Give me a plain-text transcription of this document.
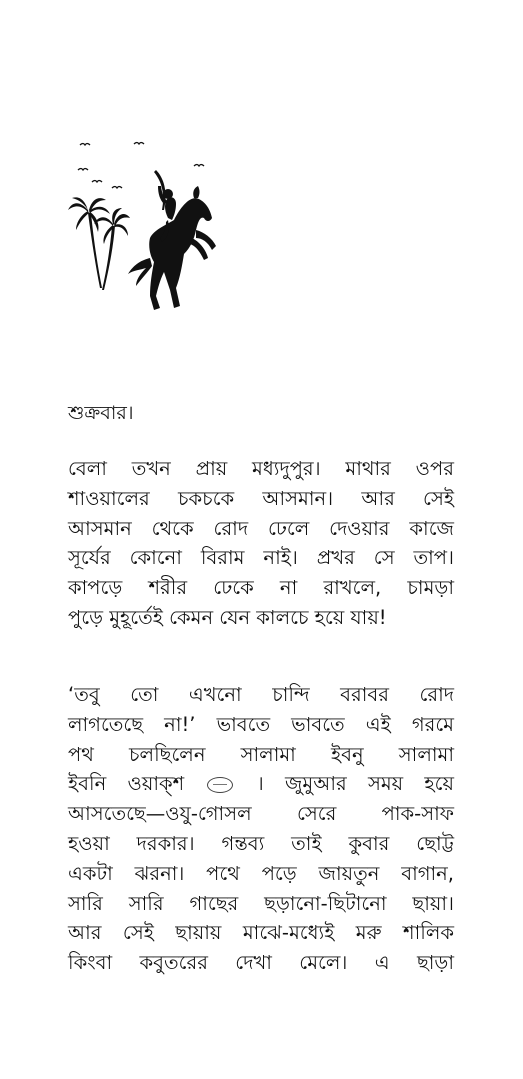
শুক্রবার।

বেলা তখন প্রায় মধ্যদুপুর। মাথার ওপর
শাওয়ালের চকচকে আসমান। আর সেই
আসমান থেকে রোদ ঢেলে দেওয়ার কাজে
সূর্যের কোনো বিরাম নাই। প্রখর সে তাপ।
কাপড়ে শরীর ঢেকে না রাখলে, চামড়া
পুড়ে মুহূর্তেই কেমন যেন কালচে হয়ে যায়!
‘তবু তো এখনো চান্দি বরাবর রোদ
লাগতেছে না!’ ভাবতে ভাবতে এই গরমে
পথ চলছিলেন সালামা ইবনু সালামা
ইবনি ওয়াক্‌শ	। জুমুআর সময় হয়ে
আসতেছে—ওযু-গোসল সেরে পাক-সাফ
হওয়া দরকার। গন্তব্য তাই কুবার ছোট্ট
একটা ঝরনা। পথে পড়ে জায়তুন বাগান,
সারি সারি গাছের ছড়ানো-ছিটানো ছায়া।
আর সেই ছায়ায় মাঝে-মধ্যেই মরু শালিক
কিংবা কবুতরের দেখা মেলে। এ ছাড়া
